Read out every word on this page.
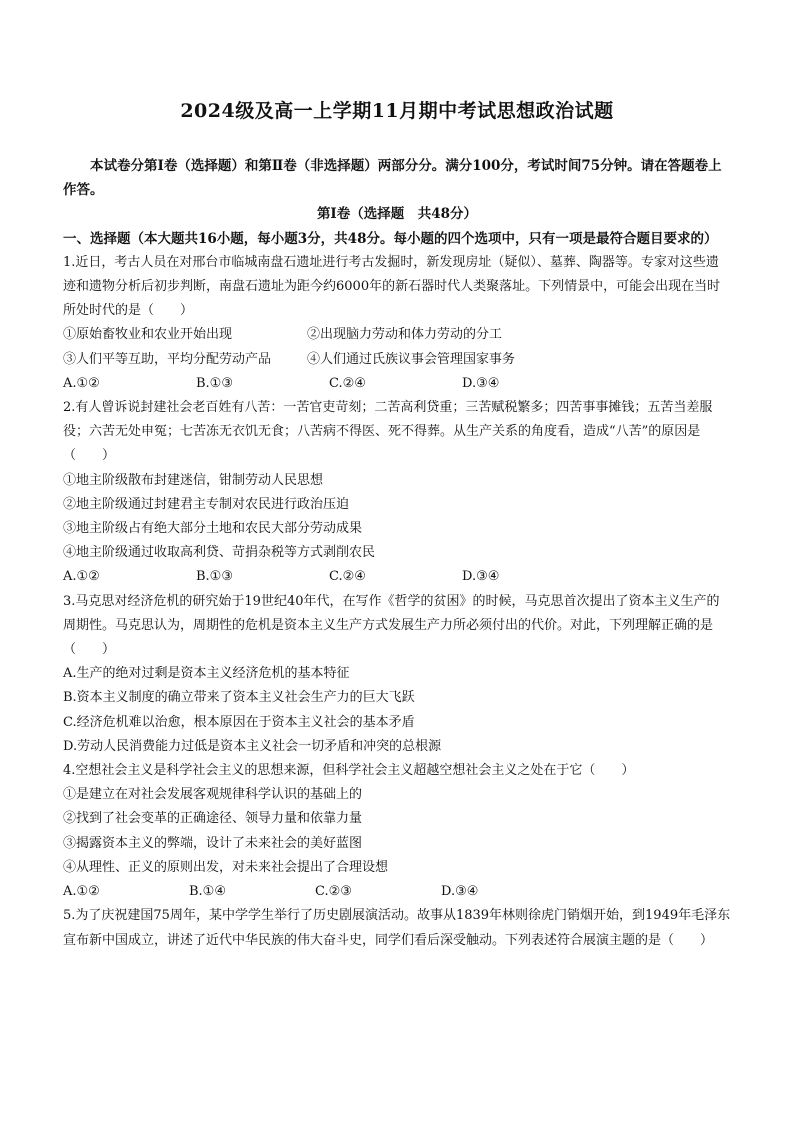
2024级及高一上学期11月期中考试思想政治试题

本试卷分第Ⅰ卷（选择题）和第Ⅱ卷（非选择题）两部分分。满分100分，考试时间75分钟。请在答题卷上作答。

第Ⅰ卷（选择题　共48分）

一、选择题（本大题共16小题，每小题3分，共48分。每小题的四个选项中，只有一项是最符合题目要求的）

1.近日，考古人员在对邢台市临城南盘石遗址进行考古发掘时，新发现房址（疑似）、墓葬、陶器等。专家对这些遗迹和遗物分析后初步判断，南盘石遗址为距今约6000年的新石器时代人类聚落址。下列情景中，可能会出现在当时所处时代的是（　　）

①原始畜牧业和农业开始出现	②出现脑力劳动和体力劳动的分工
③人们平等互助，平均分配劳动产品	④人们通过氏族议事会管理国家事务
A.①②	B.①③	C.②④	D.③④

2.有人曾诉说封建社会老百姓有八苦：一苦官吏苛刻；二苦高利贷重；三苦赋税繁多；四苦事事摊钱；五苦当差服役；六苦无处申冤；七苦冻无衣饥无食；八苦病不得医、死不得葬。从生产关系的角度看，造成“八苦”的原因是（　　）

①地主阶级散布封建迷信，钳制劳动人民思想

②地主阶级通过封建君主专制对农民进行政治压迫

③地主阶级占有绝大部分土地和农民大部分劳动成果

④地主阶级通过收取高利贷、苛捐杂税等方式剥削农民

A.①②	B.①③	C.②④	D.③④

3.马克思对经济危机的研究始于19世纪40年代，在写作《哲学的贫困》的时候，马克思首次提出了资本主义生产的周期性。马克思认为，周期性的危机是资本主义生产方式发展生产力所必须付出的代价。对此，下列理解正确的是（　　）

A.生产的绝对过剩是资本主义经济危机的基本特征

B.资本主义制度的确立带来了资本主义社会生产力的巨大飞跃

C.经济危机难以治愈，根本原因在于资本主义社会的基本矛盾

D.劳动人民消费能力过低是资本主义社会一切矛盾和冲突的总根源

4.空想社会主义是科学社会主义的思想来源，但科学社会主义超越空想社会主义之处在于它（　　）

①是建立在对社会发展客观规律科学认识的基础上的

②找到了社会变革的正确途径、领导力量和依靠力量

③揭露资本主义的弊端，设计了未来社会的美好蓝图

④从理性、正义的原则出发，对未来社会提出了合理设想

A.①②	B.①④	C.②③	D.③④

5.为了庆祝建国75周年，某中学学生举行了历史剧展演活动。故事从1839年林则徐虎门销烟开始，到1949年毛泽东宣布新中国成立，讲述了近代中华民族的伟大奋斗史，同学们看后深受触动。下列表述符合展演主题的是（　　）
